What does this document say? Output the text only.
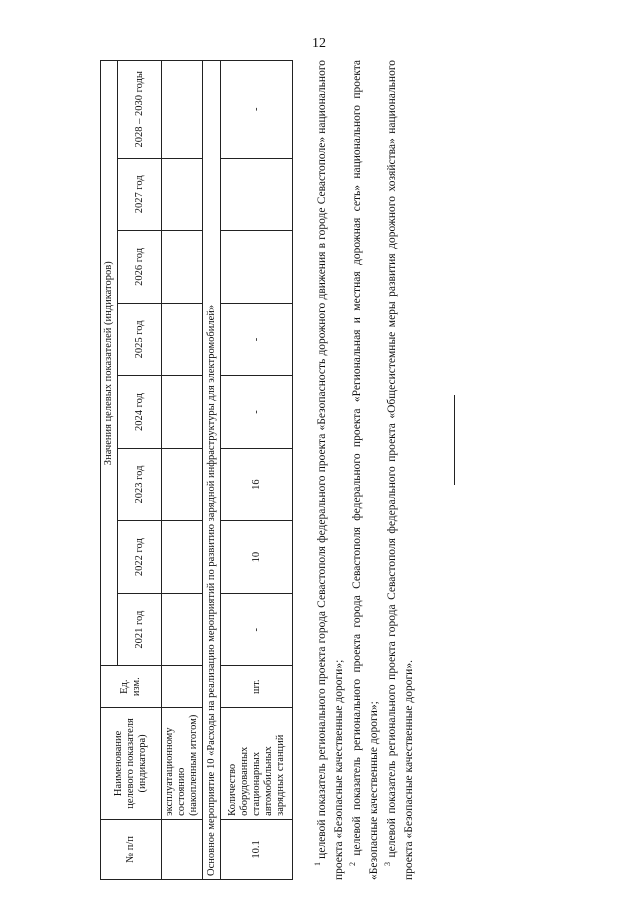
12
№ п/п	Наименование целевого показателя (индикатора)	Ед. изм.	Значения целевых показателей (индикаторов)							
			2021 год	2022 год	2023 год	2024 год	2025 год	2026 год	2027 год	2028 – 2030 годы
	эксплуатационному состоянию (накопленным итогом)									
Основное мероприятие 10 «Расходы на реализацию мероприятий по развитию зарядной инфраструктуры для электромобилей»										
10.1	Количество оборудованных стационарных автомобильных зарядных станций	шт.	-	10	16	-	-			-

$^1$ целевой показатель регионального проекта города Севастополя федерального проекта «Безопасность дорожного движения в городе Севастополе» национального проекта «Безопасные качественные дороги»; $^2$ целевой показатель регионального проекта города Севастополя федерального проекта «Региональная и местная дорожная сеть» национального проекта «Безопасные качественные дороги»; $^3$ целевой показатель регионального проекта города Севастополя федерального проекта «Общесистемные меры развития дорожного хозяйства» национального проекта «Безопасные качественные дороги».
